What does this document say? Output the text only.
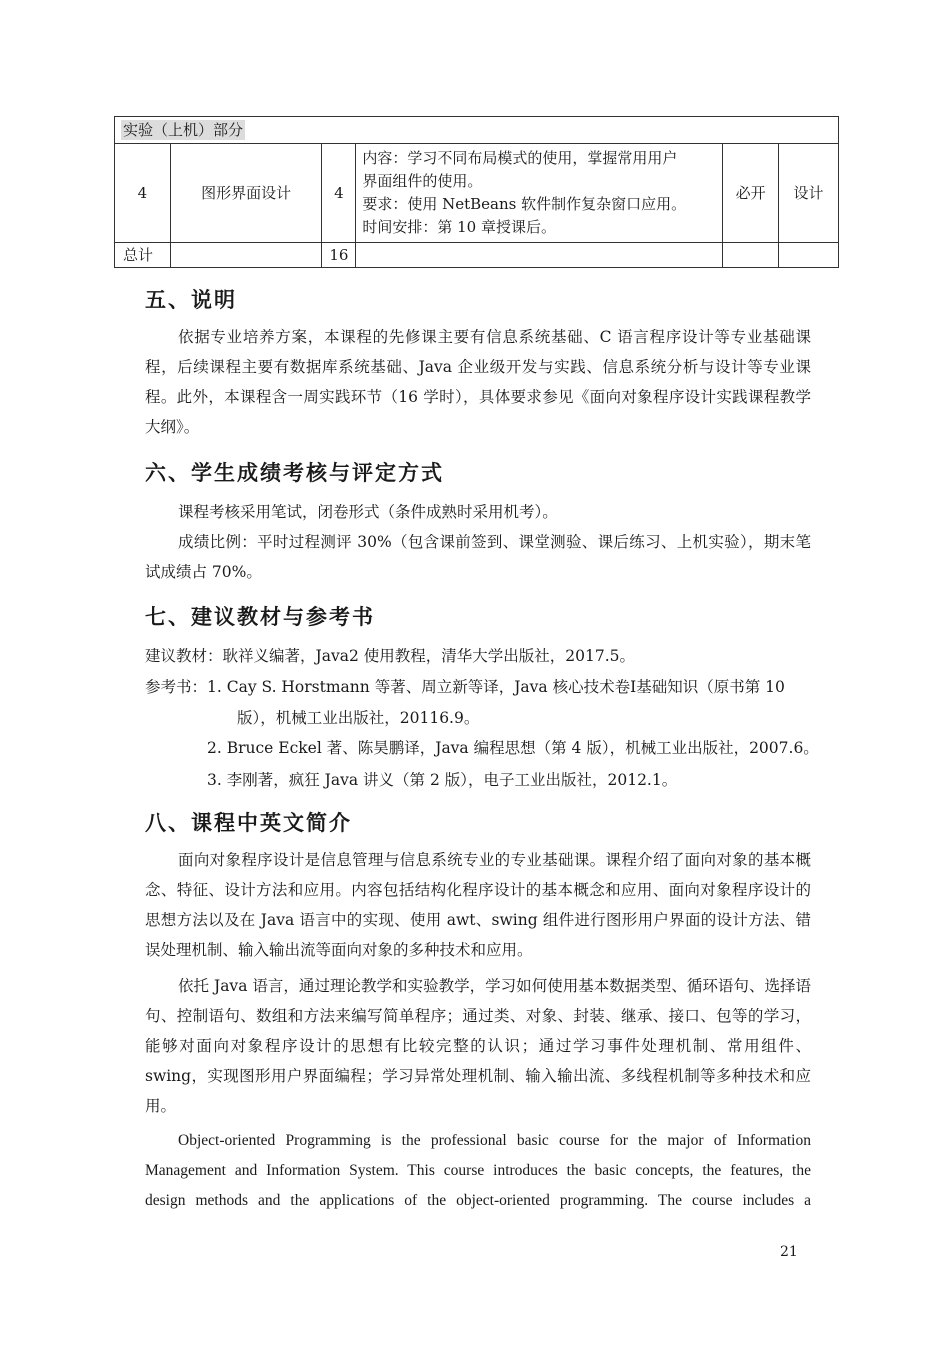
实验（上机）部分					
4	图形界面设计	4	内容：学习不同布局模式的使用，掌握常用用户
界面组件的使用。
要求：使用 NetBeans 软件制作复杂窗口应用。
时间安排：第 10 章授课后。	必开	设计
总计		16			
五、说明

依据专业培养方案，本课程的先修课主要有信息系统基础、C 语言程序设计等专业基础课程，后续课程主要有数据库系统基础、Java 企业级开发与实践、信息系统分析与设计等专业课程。此外，本课程含一周实践环节（16 学时），具体要求参见《面向对象程序设计实践课程教学大纲》。

六、学生成绩考核与评定方式

课程考核采用笔试，闭卷形式（条件成熟时采用机考）。

成绩比例：平时过程测评 30%（包含课前签到、课堂测验、课后练习、上机实验），期末笔试成绩占 70%。

七、建议教材与参考书

建议教材：耿祥义编著，Java2 使用教程，清华大学出版社，2017.5。

参考书： 1. Cay S. Horstmann 等著、周立新等译，Java 核心技术卷Ⅰ基础知识（原书第 10

版），机械工业出版社，20116.9。

2. Bruce Eckel 著、陈昊鹏译，Java 编程思想（第 4 版），机械工业出版社，2007.6。

3. 李刚著，疯狂 Java 讲义（第 2 版），电子工业出版社，2012.1。

八、课程中英文简介

面向对象程序设计是信息管理与信息系统专业的专业基础课。课程介绍了面向对象的基本概念、特征、设计方法和应用。内容包括结构化程序设计的基本概念和应用、面向对象程序设计的思想方法以及在 Java 语言中的实现、使用 awt、swing 组件进行图形用户界面的设计方法、错误处理机制、输入输出流等面向对象的多种技术和应用。

依托 Java 语言，通过理论教学和实验教学，学习如何使用基本数据类型、循环语句、选择语句、控制语句、数组和方法来编写简单程序；通过类、对象、封装、继承、接口、包等的学习，能够对面向对象程序设计的思想有比较完整的认识；通过学习事件处理机制、常用组件、swing，实现图形用户界面编程；学习异常处理机制、输入输出流、多线程机制等多种技术和应用。

Object-oriented Programming is the professional basic course for the major of Information
Management and Information System. This course introduces the basic concepts, the features, the
design methods and the applications of the object-oriented programming. The course includes a
21
